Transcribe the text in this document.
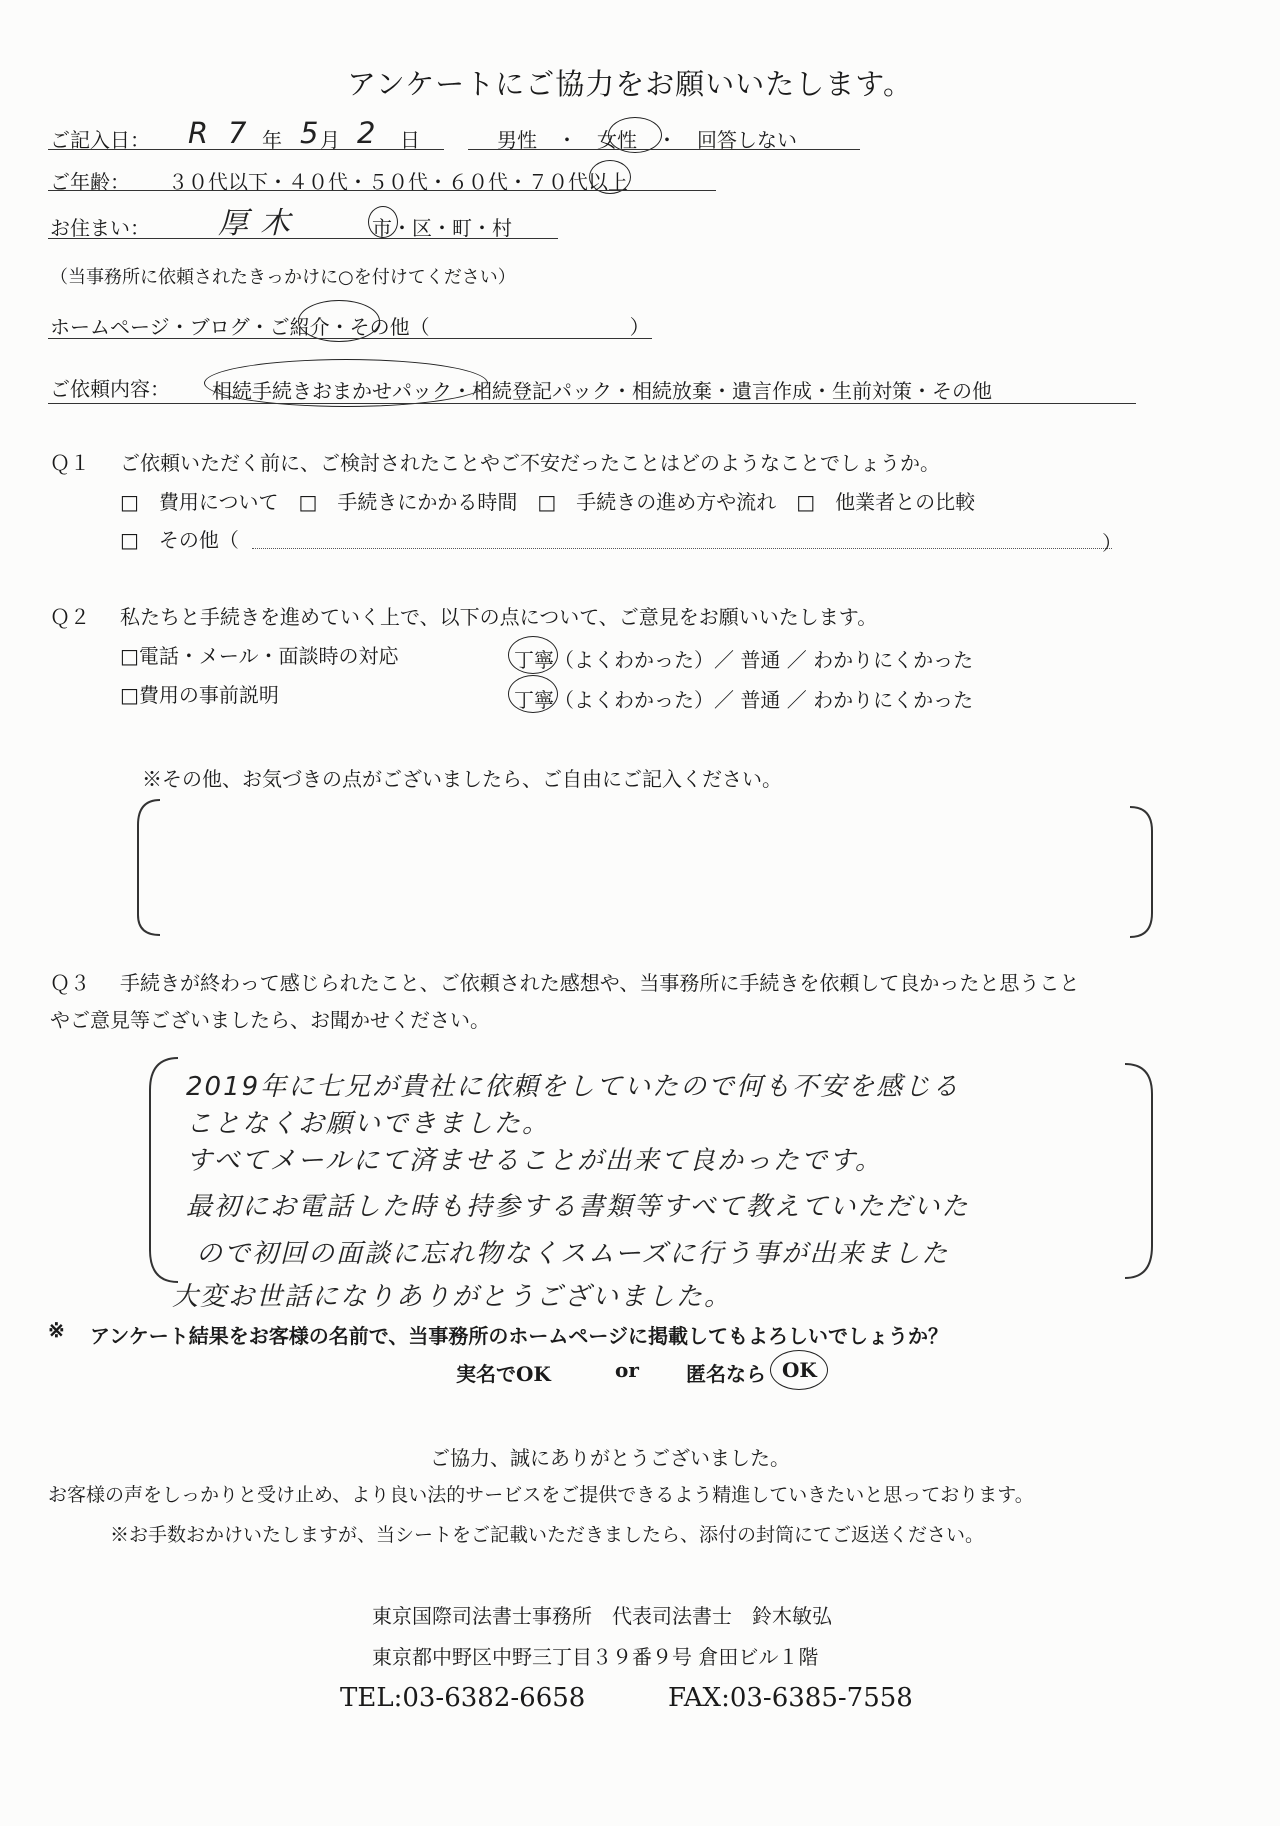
アンケートにご協力をお願いいたします。
ご記入日： R 7 年 5
月 2 日	男性　・　女性　・　回答しない
ご年齢： ３０代以下・４０代・５０代・６０代・７０代以上
お住まい： 厚木	市・区・町・村
（当事務所に依頼されたきっかけに○を付けてください）
ホームページ・ブログ・ご紹介・その他（　　　　　　　　　　）
ご依頼内容： 相続手続きおまかせパック・相続登記パック・相続放棄・遺言作成・生前対策・その他
Ｑ１ ご依頼いただく前に、ご検討されたことやご不安だったことはどのようなことでしょうか。
□　費用について　□　手続きにかかる時間　□　手続きの進め方や流れ　□　他業者との比較
□　その他（	）
Ｑ２ 私たちと手続きを進めていく上で、以下の点について、ご意見をお願いいたします。
□電話・メール・面談時の対応	丁寧（よくわかった）／ 普通 ／ わかりにくかった
□費用の事前説明	丁寧（よくわかった）／ 普通 ／ わかりにくかった
※その他、お気づきの点がございましたら、ご自由にご記入ください。
Ｑ３ 手続きが終わって感じられたこと、ご依頼された感想や、当事務所に手続きを依頼して良かったと思うこと
やご意見等ございましたら、お聞かせください。
2019年に七兄が貴社に依頼をしていたので何も不安を感じる
ことなくお願いできました。
すべてメールにて済ませることが出来て良かったです。
最初にお電話した時も持参する書類等すべて教えていただいた
ので初回の面談に忘れ物なくスムーズに行う事が出来ました
大変お世話になりありがとうございました。
※ アンケート結果をお客様の名前で、当事務所のホームページに掲載してもよろしいでしょうか？
実名でOK	or 匿名なら OK
ご協力、誠にありがとうございました。
お客様の声をしっかりと受け止め、より良い法的サービスをご提供できるよう精進していきたいと思っております。
※お手数おかけいたしますが、当シートをご記載いただきましたら、添付の封筒にてご返送ください。
東京国際司法書士事務所　代表司法書士　鈴木敏弘
東京都中野区中野三丁目３９番９号 倉田ビル１階
TEL:03-6382-6658	FAX:03-6385-7558
